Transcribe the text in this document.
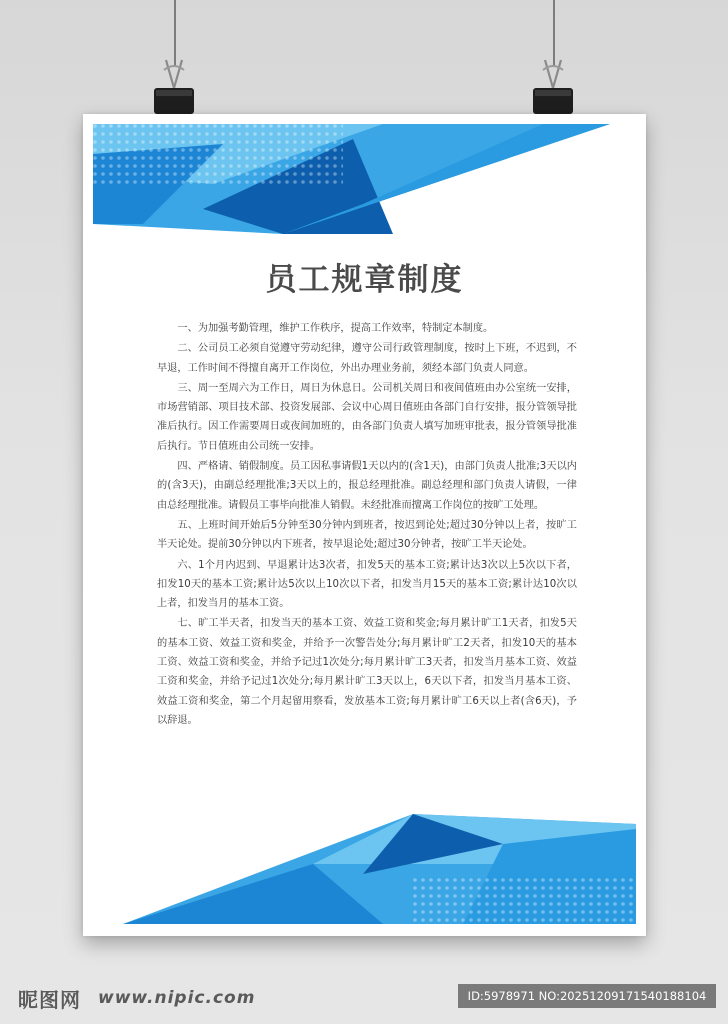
员工规章制度

一、为加强考勤管理，维护工作秩序，提高工作效率，特制定本制度。

二、公司员工必须自觉遵守劳动纪律，遵守公司行政管理制度，按时上下班，不迟到，不早退，工作时间不得擅自离开工作岗位，外出办理业务前，须经本部门负责人同意。

三、周一至周六为工作日，周日为休息日。公司机关周日和夜间值班由办公室统一安排，市场营销部、项目技术部、投资发展部、会议中心周日值班由各部门自行安排，报分管领导批准后执行。因工作需要周日或夜间加班的，由各部门负责人填写加班审批表，报分管领导批准后执行。节日值班由公司统一安排。

四、严格请、销假制度。员工因私事请假1天以内的(含1天)，由部门负责人批准;3天以内的(含3天)，由副总经理批准;3天以上的，报总经理批准。副总经理和部门负责人请假，一律由总经理批准。请假员工事毕向批准人销假。未经批准而擅离工作岗位的按旷工处理。

五、上班时间开始后5分钟至30分钟内到班者，按迟到论处;超过30分钟以上者，按旷工半天论处。提前30分钟以内下班者，按早退论处;超过30分钟者，按旷工半天论处。

六、1个月内迟到、早退累计达3次者，扣发5天的基本工资;累计达3次以上5次以下者，扣发10天的基本工资;累计达5次以上10次以下者，扣发当月15天的基本工资;累计达10次以上者，扣发当月的基本工资。

七、旷工半天者，扣发当天的基本工资、效益工资和奖金;每月累计旷工1天者，扣发5天的基本工资、效益工资和奖金，并给予一次警告处分;每月累计旷工2天者，扣发10天的基本工资、效益工资和奖金，并给予记过1次处分;每月累计旷工3天者，扣发当月基本工资、效益工资和奖金，并给予记过1次处分;每月累计旷工3天以上，6天以下者，扣发当月基本工资、效益工资和奖金，第二个月起留用察看，发放基本工资;每月累计旷工6天以上者(含6天)，予以辞退。

昵图网 www.nipic.com	ID:5978971 NO:20251209171540188104
